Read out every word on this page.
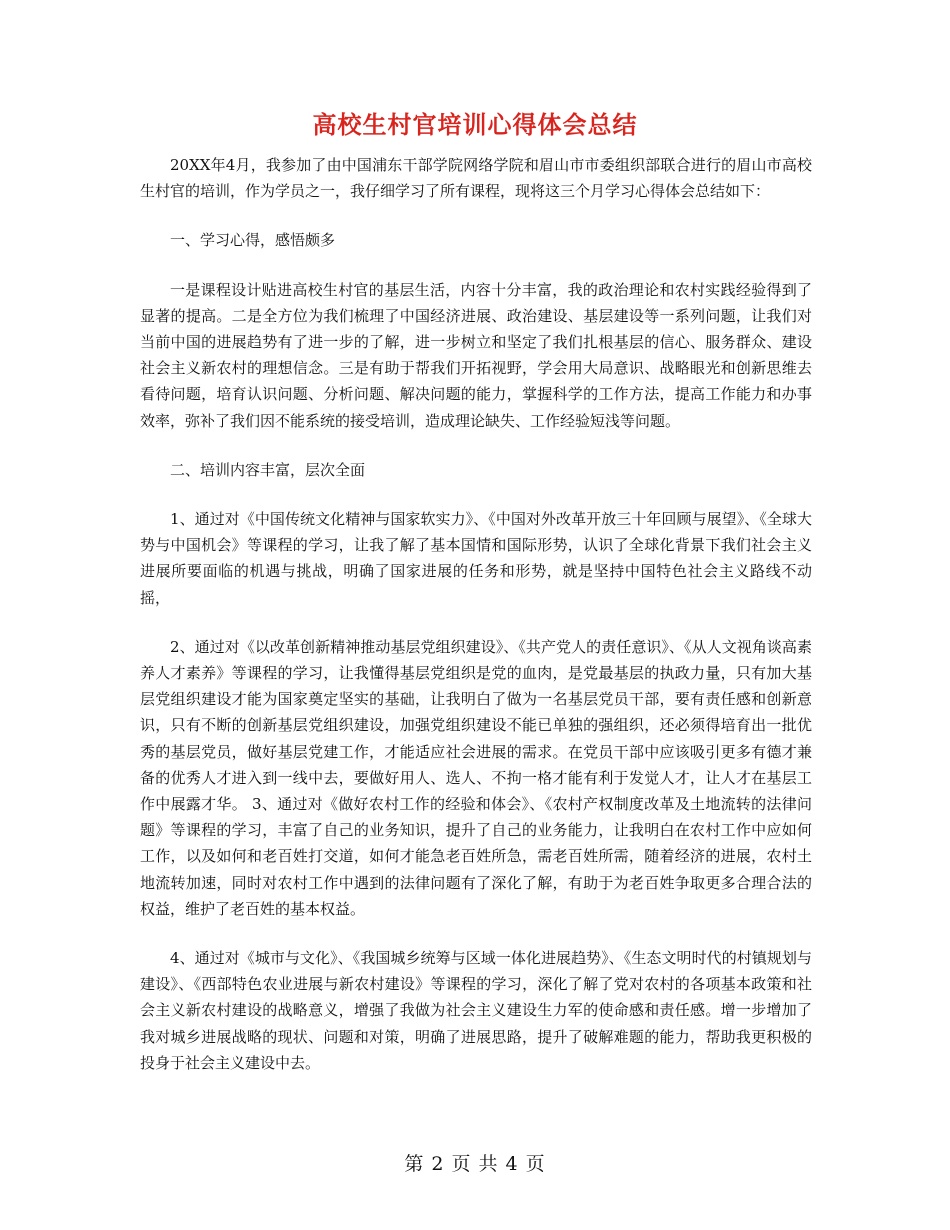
高校生村官培训心得体会总结

20XX年4月，我参加了由中国浦东干部学院网络学院和眉山市市委组织部联合进行的眉山市高校生村官的培训，作为学员之一，我仔细学习了所有课程，现将这三个月学习心得体会总结如下：

一、学习心得，感悟颇多

一是课程设计贴进高校生村官的基层生活，内容十分丰富，我的政治理论和农村实践经验得到了显著的提高。二是全方位为我们梳理了中国经济进展、政治建设、基层建设等一系列问题，让我们对当前中国的进展趋势有了进一步的了解，进一步树立和坚定了我们扎根基层的信心、服务群众、建设社会主义新农村的理想信念。三是有助于帮我们开拓视野，学会用大局意识、战略眼光和创新思维去看待问题，培育认识问题、分析问题、解决问题的能力，掌握科学的工作方法，提高工作能力和办事效率，弥补了我们因不能系统的接受培训，造成理论缺失、工作经验短浅等问题。

二、培训内容丰富，层次全面

1、通过对《中国传统文化精神与国家软实力》、《中国对外改革开放三十年回顾与展望》、《全球大势与中国机会》等课程的学习，让我了解了基本国情和国际形势，认识了全球化背景下我们社会主义进展所要面临的机遇与挑战，明确了国家进展的任务和形势，就是坚持中国特色社会主义路线不动摇，

2、通过对《以改革创新精神推动基层党组织建设》、《共产党人的责任意识》、《从人文视角谈高素养人才素养》等课程的学习，让我懂得基层党组织是党的血肉，是党最基层的执政力量，只有加大基层党组织建设才能为国家奠定坚实的基础，让我明白了做为一名基层党员干部，要有责任感和创新意识，只有不断的创新基层党组织建设，加强党组织建设不能已单独的强组织，还必须得培育出一批优秀的基层党员，做好基层党建工作，才能适应社会进展的需求。在党员干部中应该吸引更多有德才兼备的优秀人才进入到一线中去，要做好用人、选人、不拘一格才能有利于发觉人才，让人才在基层工作中展露才华。 3、通过对《做好农村工作的经验和体会》、《农村产权制度改革及土地流转的法律问题》等课程的学习，丰富了自己的业务知识，提升了自己的业务能力，让我明白在农村工作中应如何工作，以及如何和老百姓打交道，如何才能急老百姓所急，需老百姓所需，随着经济的进展，农村土地流转加速，同时对农村工作中遇到的法律问题有了深化了解，有助于为老百姓争取更多合理合法的权益，维护了老百姓的基本权益。

4、通过对《城市与文化》、《我国城乡统筹与区域一体化进展趋势》、《生态文明时代的村镇规划与建设》、《西部特色农业进展与新农村建设》等课程的学习，深化了解了党对农村的各项基本政策和社会主义新农村建设的战略意义，增强了我做为社会主义建设生力军的使命感和责任感。增一步增加了我对城乡进展战略的现状、问题和对策，明确了进展思路，提升了破解难题的能力，帮助我更积极的投身于社会主义建设中去。

第 2 页 共 4 页
